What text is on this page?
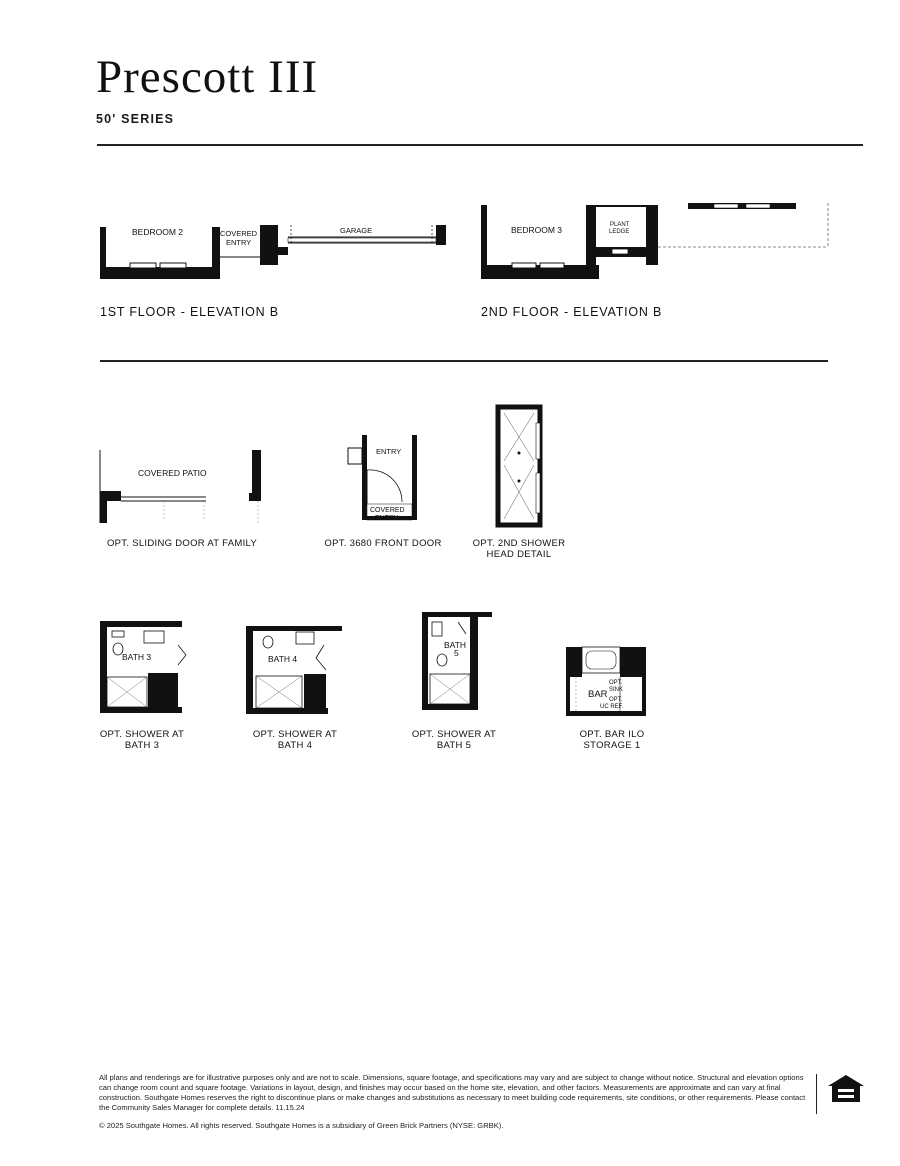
Prescott III
50' SERIES
BEDROOM 2	COVERED
ENTRY
GARAGE	BEDROOM 3	PLANT
LEDGE
1ST FLOOR - ELEVATION B	2ND FLOOR - ELEVATION B
COVERED PATIO
ENTRY
COVERED
ENTRY
OPT. SLIDING DOOR AT FAMILY	OPT. 3680 FRONT DOOR	OPT. 2ND SHOWER
HEAD DETAIL
BATH 3	BATH 4
BATH
5
BAR
OPT.
SINK
OPT.
UC REF.
OPT. SHOWER AT
BATH 3
OPT. SHOWER AT
BATH 4
OPT. SHOWER AT
BATH 5
OPT. BAR ILO
STORAGE 1
All plans and renderings are for illustrative purposes only and are not to scale. Dimensions, square footage, and specifications may vary and are subject to change without notice. Structural and elevation options can change room count and square footage. Variations in layout, design, and finishes may occur based on the home site, elevation, and other factors. Measurements are approximate and can vary at final construction. Southgate Homes reserves the right to discontinue plans or make changes and substitutions as necessary to meet building code requirements, site conditions, or other requirements. Please contact the Community Sales Manager for complete details. 11.15.24
© 2025 Southgate Homes. All rights reserved. Southgate Homes is a subsidiary of Green Brick Partners (NYSE: GRBK).
